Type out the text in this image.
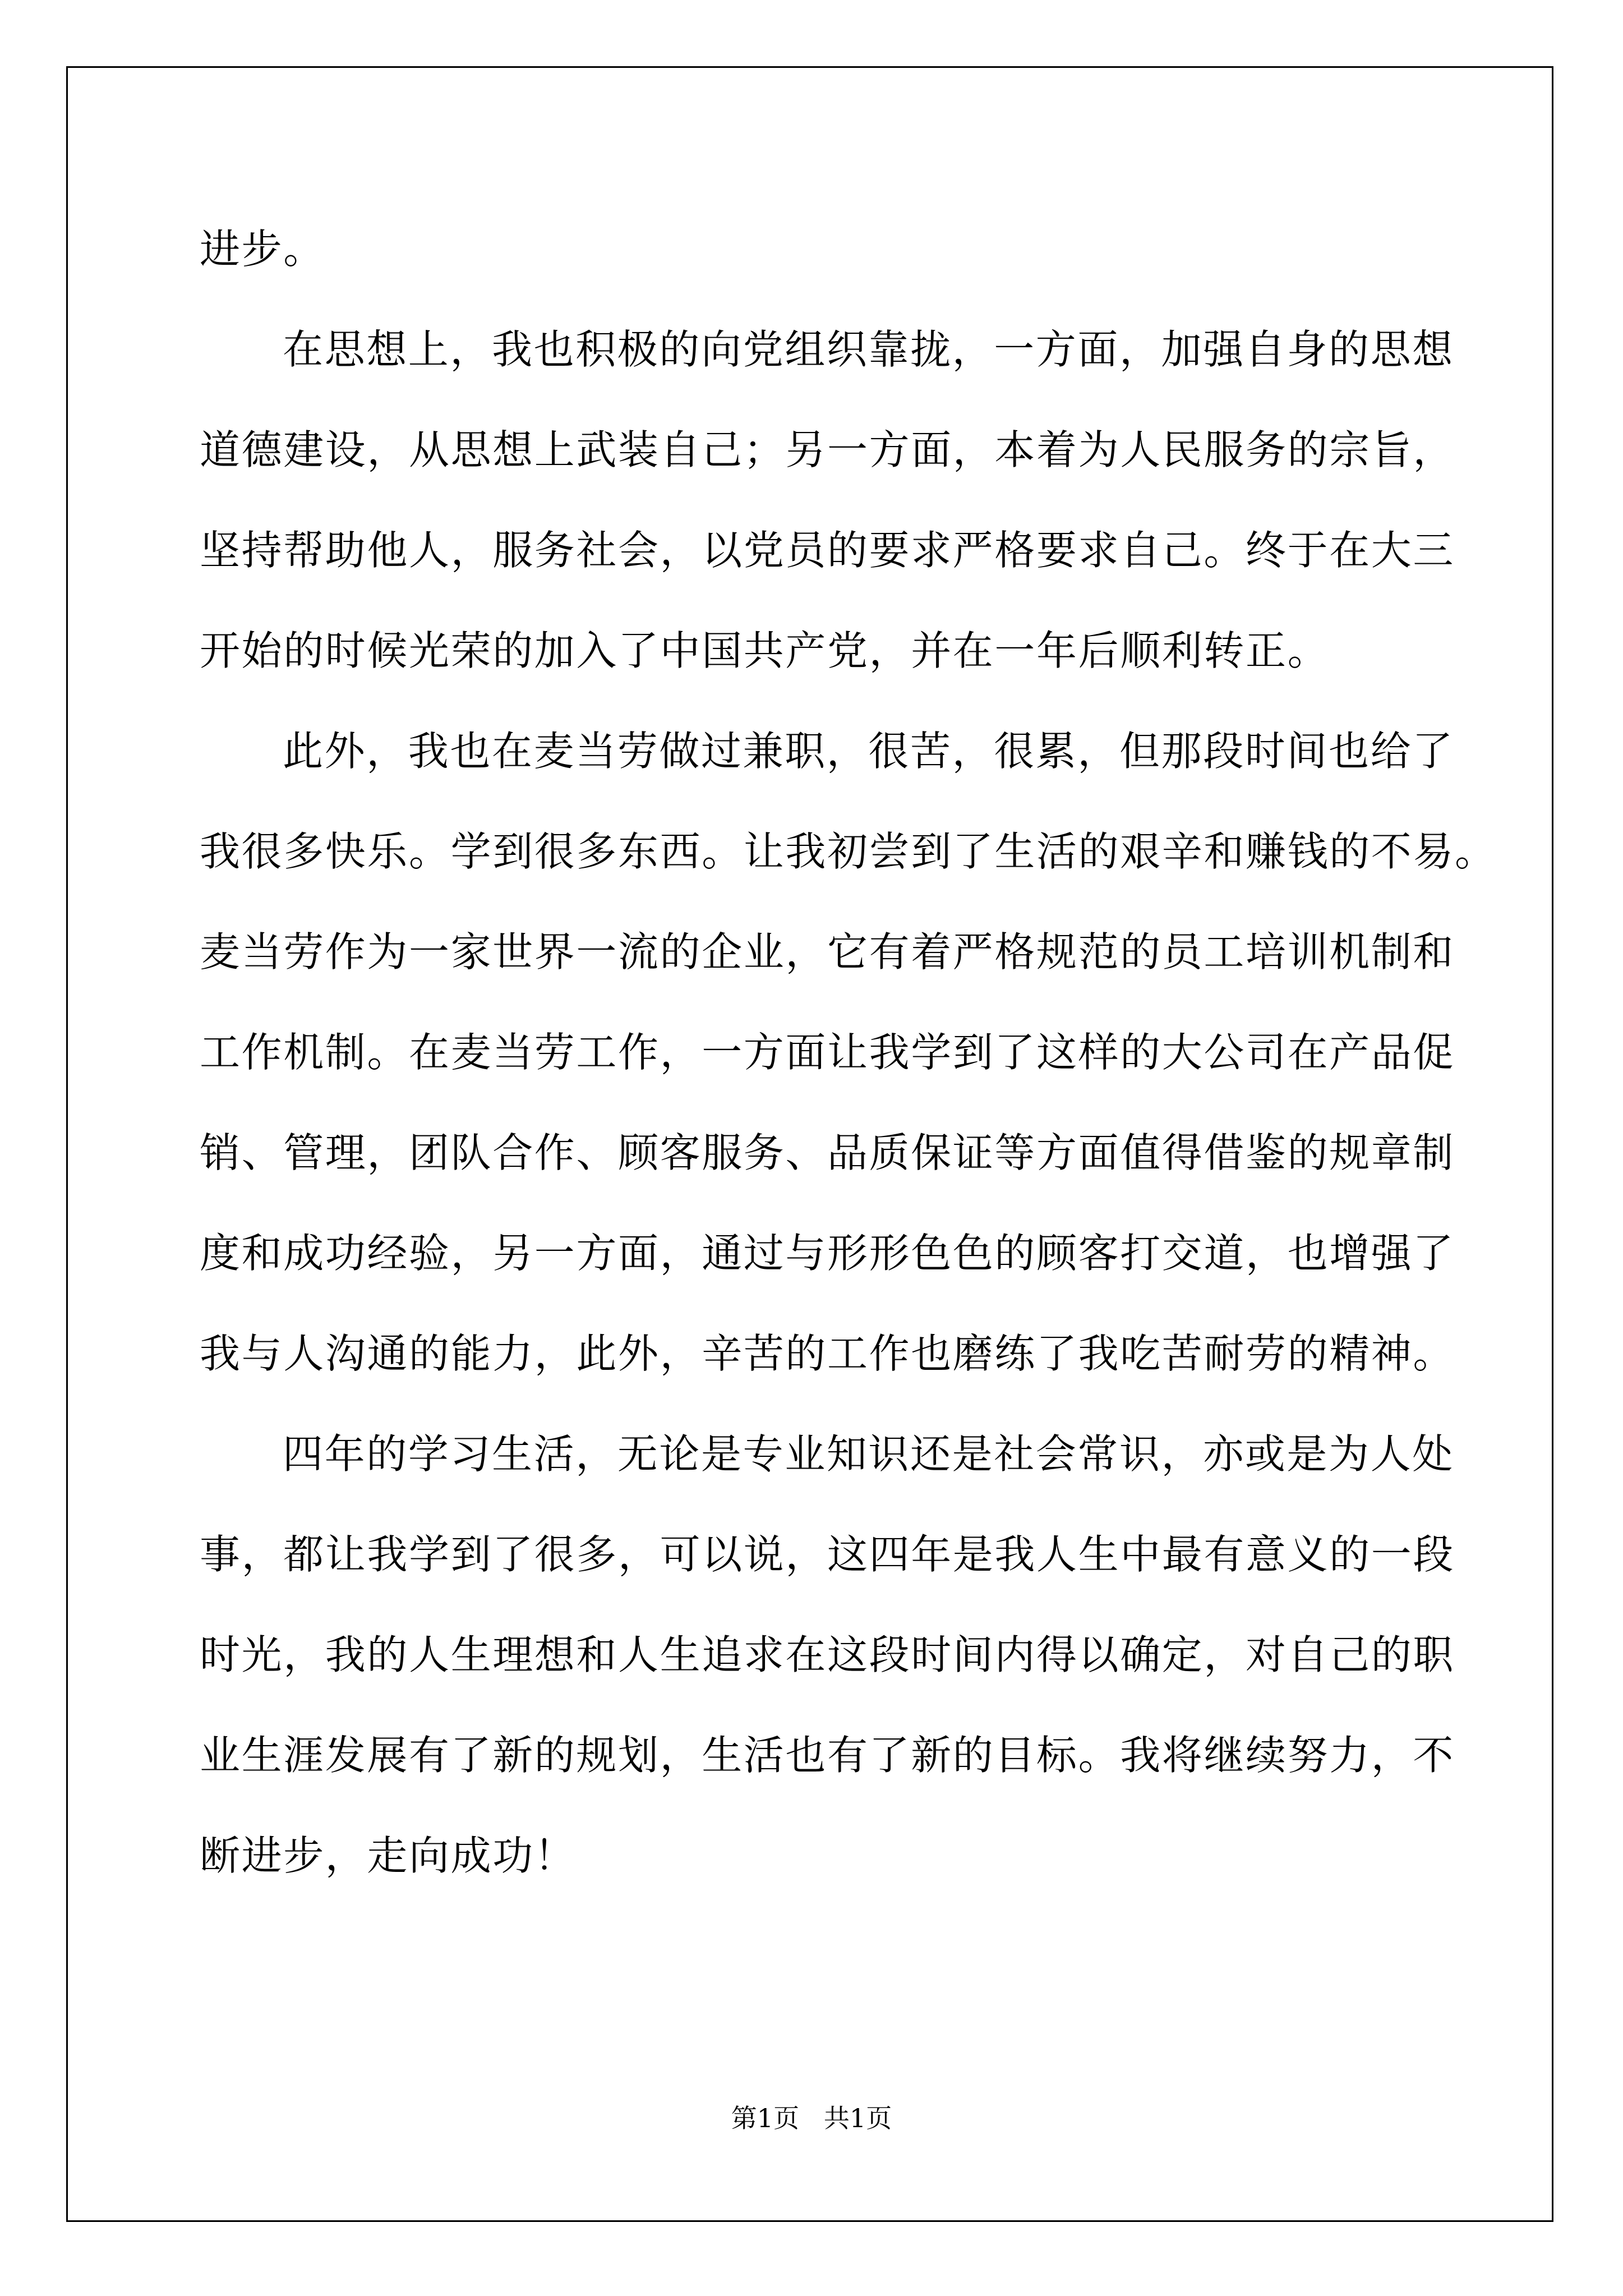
进步。
在思想上，我也积极的向党组织靠拢，一方面，加强自身的思想
道德建设，从思想上武装自己；另一方面，本着为人民服务的宗旨，
坚持帮助他人，服务社会，以党员的要求严格要求自己。终于在大三
开始的时候光荣的加入了中国共产党，并在一年后顺利转正。
此外，我也在麦当劳做过兼职，很苦，很累，但那段时间也给了
我很多快乐。学到很多东西。让我初尝到了生活的艰辛和赚钱的不易。
麦当劳作为一家世界一流的企业，它有着严格规范的员工培训机制和
工作机制。在麦当劳工作，一方面让我学到了这样的大公司在产品促
销、管理，团队合作、顾客服务、品质保证等方面值得借鉴的规章制
度和成功经验，另一方面，通过与形形色色的顾客打交道，也增强了
我与人沟通的能力，此外，辛苦的工作也磨练了我吃苦耐劳的精神。
四年的学习生活，无论是专业知识还是社会常识，亦或是为人处
事，都让我学到了很多，可以说，这四年是我人生中最有意义的一段
时光，我的人生理想和人生追求在这段时间内得以确定，对自己的职
业生涯发展有了新的规划，生活也有了新的目标。我将继续努力，不
断进步，走向成功！
第1页   共1页
